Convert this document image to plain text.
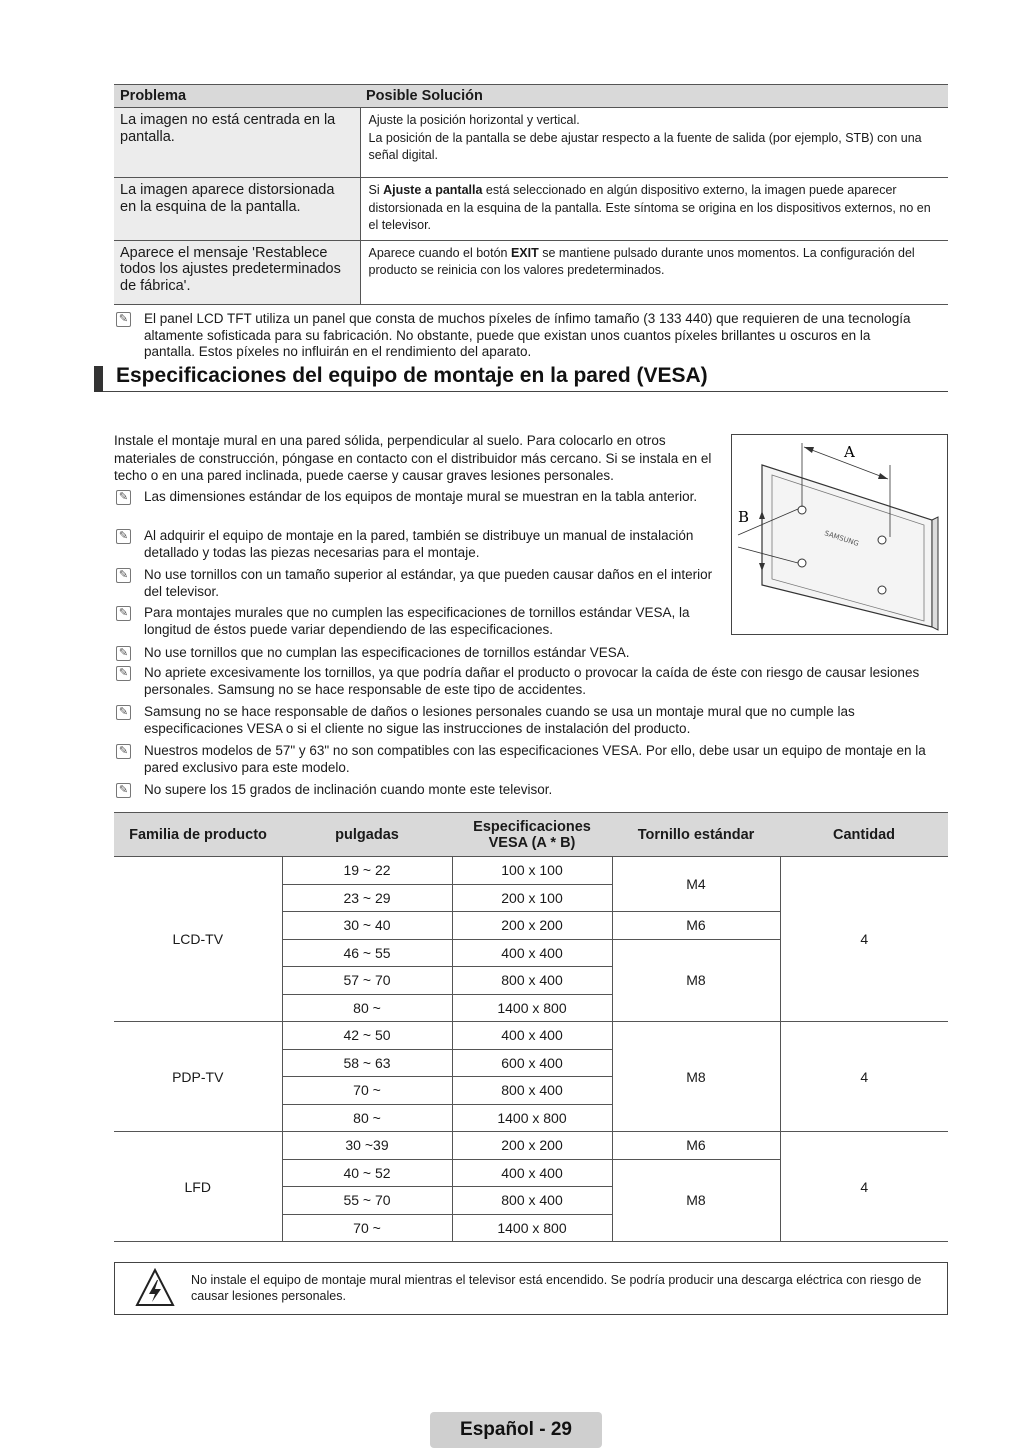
Problema	Posible Solución
La imagen no está centrada en la pantalla.	Ajuste la posición horizontal y vertical.
La posición de la pantalla se debe ajustar respecto a la fuente de salida (por ejemplo, STB) con una señal digital.

La imagen aparece distorsionada en la esquina de la pantalla.	Si Ajuste a pantalla está seleccionado en algún dispositivo externo, la imagen puede aparecer distorsionada en la esquina de la pantalla. Este síntoma se origina en los dispositivos externos, no en el televisor.
Aparece el mensaje 'Restablece todos los ajustes predeterminados de fábrica'.	Aparece cuando el botón EXIT se mantiene pulsado durante unos momentos. La configuración del producto se reinicia con los valores predeterminados.
✎ El panel LCD TFT utiliza un panel que consta de muchos píxeles de ínfimo tamaño (3 133 440) que requieren de una tecnología altamente sofisticada para su fabricación. No obstante, puede que existan unos cuantos píxeles brillantes u oscuros en la pantalla. Estos píxeles no influirán en el rendimiento del aparato.
Especificaciones del equipo de montaje en la pared (VESA)
Instale el montaje mural en una pared sólida, perpendicular al suelo. Para colocarlo en otros materiales de construcción, póngase en contacto con el distribuidor más cercano. Si se instala en el techo o en una pared inclinada, puede caerse y causar graves lesiones personales.
✎ Las dimensiones estándar de los equipos de montaje mural se muestran en la tabla anterior.
✎ Al adquirir el equipo de montaje en la pared, también se distribuye un manual de instalación detallado y todas las piezas necesarias para el montaje.
✎ No use tornillos con un tamaño superior al estándar, ya que pueden causar daños en el interior del televisor.
✎ Para montajes murales que no cumplen las especificaciones de tornillos estándar VESA, la longitud de éstos puede variar dependiendo de las especificaciones.
✎ No use tornillos que no cumplan las especificaciones de tornillos estándar VESA.
✎ No apriete excesivamente los tornillos, ya que podría dañar el producto o provocar la caída de éste con riesgo de causar lesiones personales. Samsung no se hace responsable de este tipo de accidentes.
✎ Samsung no se hace responsable de daños o lesiones personales cuando se usa un montaje mural que no cumple las especificaciones VESA o si el cliente no sigue las instrucciones de instalación del producto.
✎ Nuestros modelos de 57" y 63" no son compatibles con las especificaciones VESA. Por ello, debe usar un equipo de montaje en la pared exclusivo para este modelo.
✎ No supere los 15 grados de inclinación cuando monte este televisor.
SAMSUNG
A
B
Familia de producto	pulgadas	Especificaciones VESA (A * B)	Tornillo estándar	Cantidad
LCD-TV	19 ~ 22	100 x 100	M4	4
	23 ~ 29	200 x 100		
	30 ~ 40	200 x 200	M6	
	46 ~ 55	400 x 400	M8	
	57 ~ 70	800 x 400		
	80 ~	1400 x 800		
PDP-TV	42 ~ 50	400 x 400	M8	4
	58 ~ 63	600 x 400		
	70 ~	800 x 400		
	80 ~	1400 x 800		
LFD	30 ~39	200 x 200	M6	4
	40 ~ 52	400 x 400	M8	
	55 ~ 70	800 x 400		
	70 ~	1400 x 800		
No instale el equipo de montaje mural mientras el televisor está encendido. Se podría producir una descarga eléctrica con riesgo de causar lesiones personales.
Español - 29
